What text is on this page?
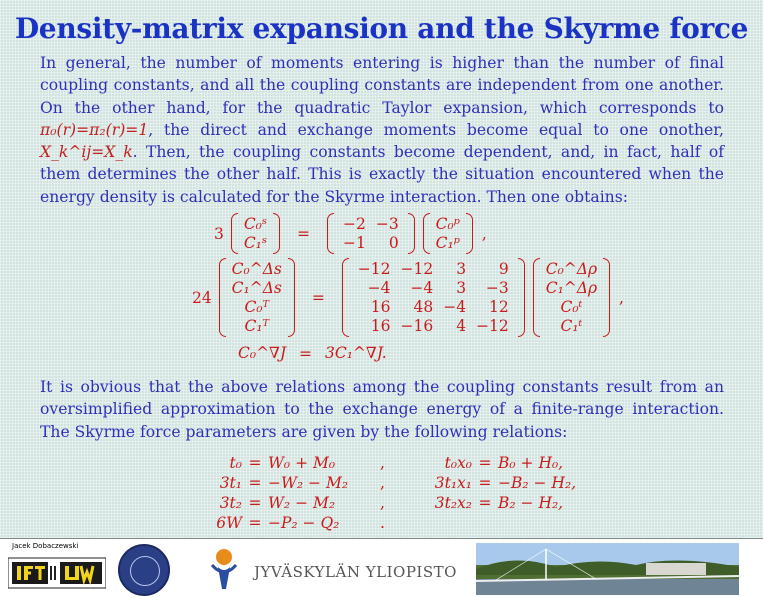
Density-matrix expansion and the Skyrme force

In general, the number of moments entering is higher than the number of final coupling constants, and all the coupling constants are independent from one another. On the other hand, for the quadratic Taylor expansion, which corresponds to π₀(r)=π₂(r)=1, the direct and exchange moments become equal to one onother, X_k^ij=X_k. Then, the coupling constants become dependent, and, in fact, half of them determines the other half. This is exactly the situation encountered when the energy density is calculated for the Skyrme interaction. Then one obtains:

3
C₀ˢ
C₁ˢ
=
−2 −3
−1	0

C₀ᵖ
C₁ᵖ
,
24
C₀^Δs
C₁^Δs
C₀ᵀ
C₁ᵀ
=
−12 −12	3	9
−4	−4	3	−3
16	48 −4	12
16 −16	4 −12

C₀^Δρ
C₁^Δρ
C₀ᵗ
C₁ᵗ
,
C₀^∇J = 3C₁^∇J.

It is obvious that the above relations among the coupling constants result from an oversimplified approximation to the exchange energy of a finite-range interaction. The Skyrme force parameters are given by the following relations:

t₀ = W₀ + M₀	,	t₀x₀ = B₀ + H₀,
3t₁ = −W₂ − M₂	,	3t₁x₁ = −B₂ − H₂,
3t₂ = W₂ − M₂	,	3t₂x₂ = B₂ − H₂,
6W = −P₂ − Q₂	.
Jacek Dobaczewski
JYVÄSKYLÄN YLIOPISTO
